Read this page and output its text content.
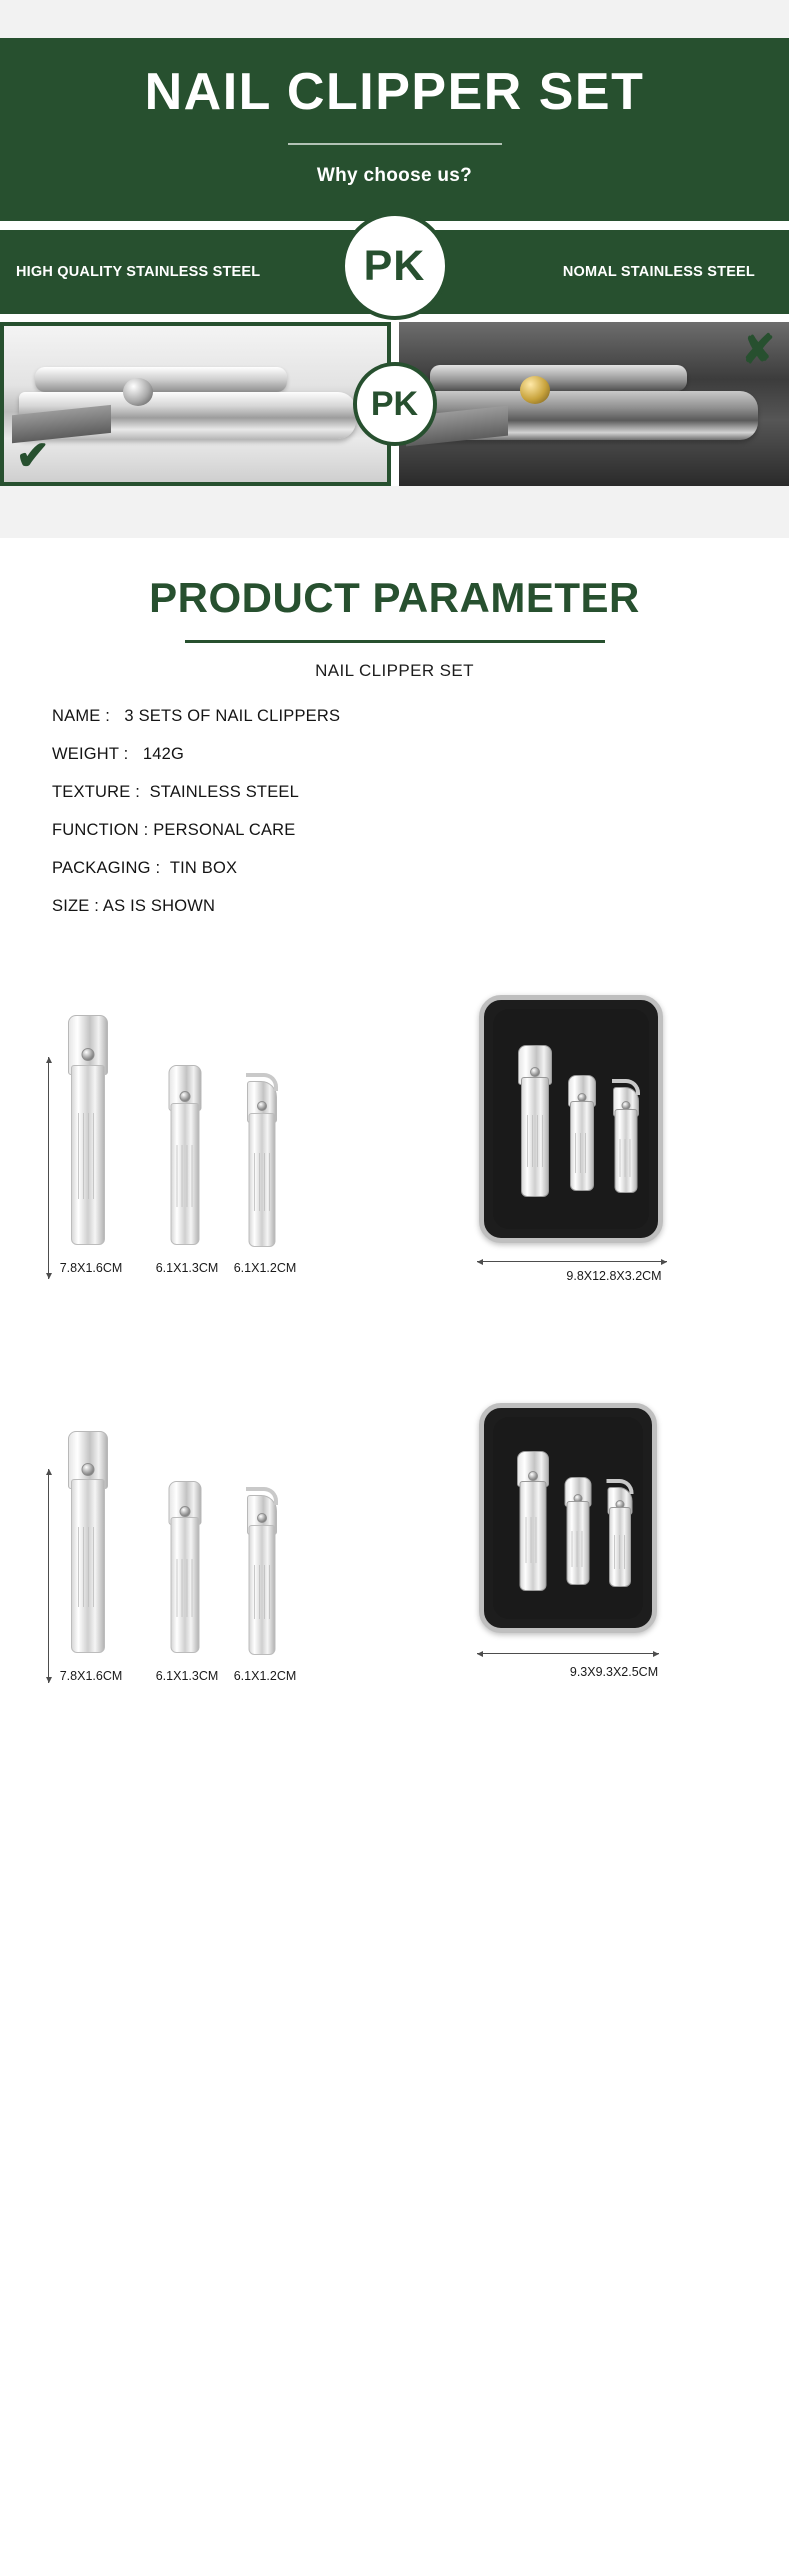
NAIL CLIPPER SET
Why choose us?
HIGH QUALITY STAINLESS STEEL PK	NOMAL STAINLESS STEEL
✔
✘
PK
PRODUCT PARAMETER
NAIL CLIPPER SET
NAME : 3 SETS OF NAIL CLIPPERS
WEIGHT : 142G
TEXTURE : STAINLESS STEEL
FUNCTION : PERSONAL CARE
PACKAGING : TIN BOX
SIZE : AS IS SHOWN
7.8X1.6CM	6.1X1.3CM	6.1X1.2CM
9.8X12.8X3.2CM
7.8X1.6CM	6.1X1.3CM	6.1X1.2CM	9.3X9.3X2.5CM
